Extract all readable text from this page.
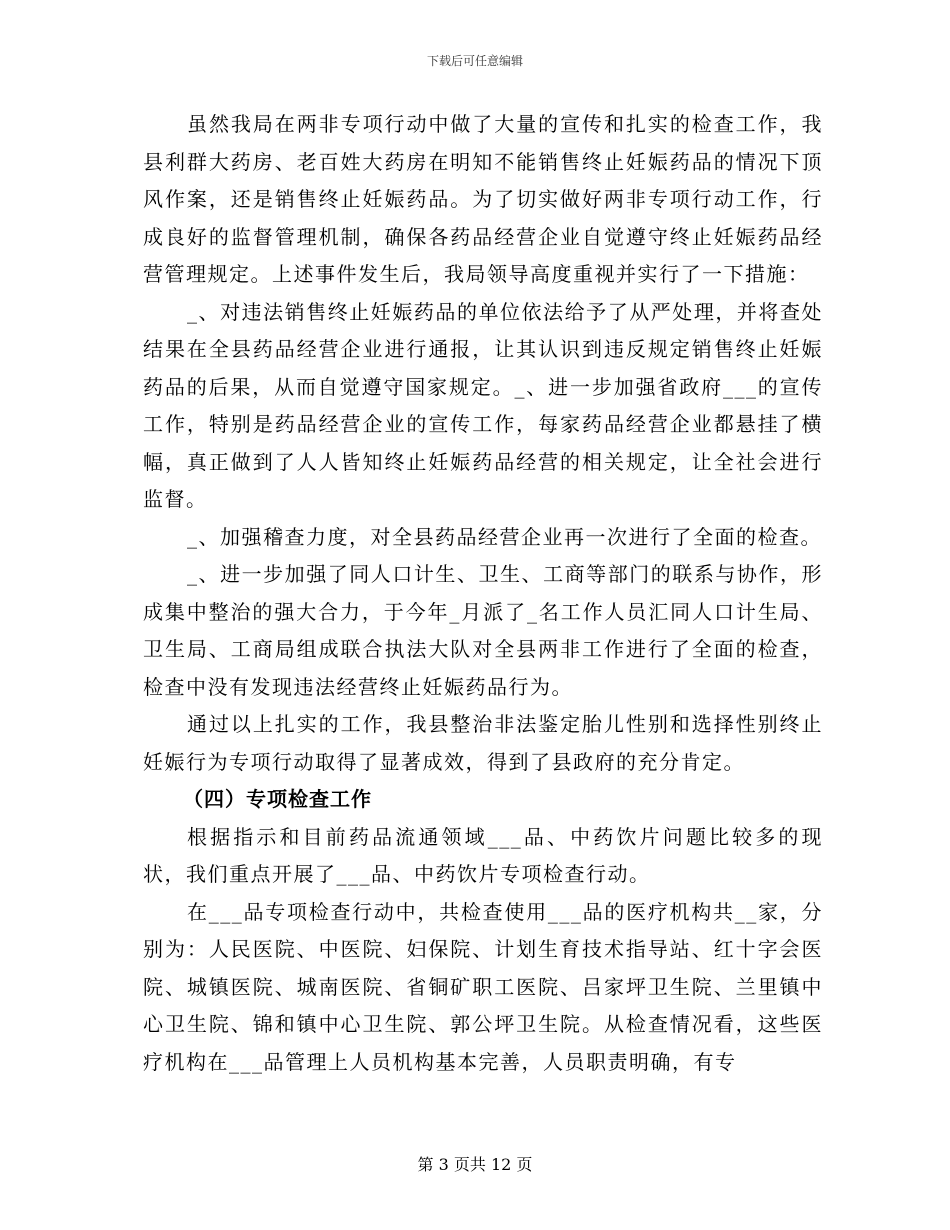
下载后可任意编辑

虽然我局在两非专项行动中做了大量的宣传和扎实的检查工作，我县利群大药房、老百姓大药房在明知不能销售终止妊娠药品的情况下顶风作案，还是销售终止妊娠药品。为了切实做好两非专项行动工作，行成良好的监督管理机制，确保各药品经营企业自觉遵守终止妊娠药品经营管理规定。上述事件发生后，我局领导高度重视并实行了一下措施：

_、对违法销售终止妊娠药品的单位依法给予了从严处理，并将查处结果在全县药品经营企业进行通报，让其认识到违反规定销售终止妊娠药品的后果，从而自觉遵守国家规定。_、进一步加强省政府___的宣传工作，特别是药品经营企业的宣传工作，每家药品经营企业都悬挂了横幅，真正做到了人人皆知终止妊娠药品经营的相关规定，让全社会进行监督。

_、加强稽查力度，对全县药品经营企业再一次进行了全面的检查。

_、进一步加强了同人口计生、卫生、工商等部门的联系与协作，形成集中整治的强大合力，于今年_月派了_名工作人员汇同人口计生局、卫生局、工商局组成联合执法大队对全县两非工作进行了全面的检查，检查中没有发现违法经营终止妊娠药品行为。

通过以上扎实的工作，我县整治非法鉴定胎儿性别和选择性别终止妊娠行为专项行动取得了显著成效，得到了县政府的充分肯定。

（四）专项检查工作

根据指示和目前药品流通领域___品、中药饮片问题比较多的现状，我们重点开展了___品、中药饮片专项检查行动。

在___品专项检查行动中，共检查使用___品的医疗机构共__家，分别为：人民医院、中医院、妇保院、计划生育技术指导站、红十字会医院、城镇医院、城南医院、省铜矿职工医院、吕家坪卫生院、兰里镇中心卫生院、锦和镇中心卫生院、郭公坪卫生院。从检查情况看，这些医疗机构在___品管理上人员机构基本完善，人员职责明确，有专

第 3 页共 12 页
